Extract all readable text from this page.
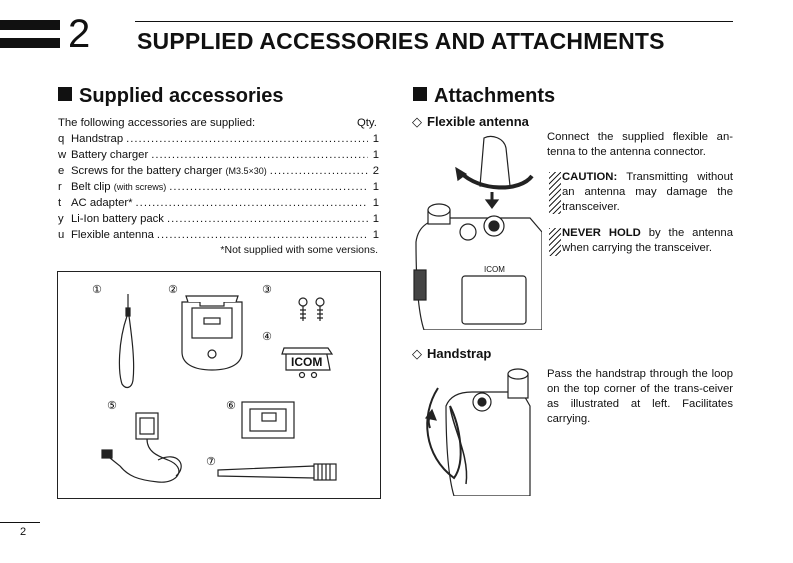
2 SUPPLIED ACCESSORIES AND ATTACHMENTS
Supplied accessories
The following accessories are supplied:	Qty.
q Handstrap .....	1
w Battery charger .....	1
e Screws for the battery charger (M3.5×30) .....	2
r Belt clip (with screws) .....	1
t AC adapter* .....	1
y Li-Ion battery pack .....	1
u Flexible antenna .....	1
*Not supplied with some versions.
①	②	③
④
⑤	⑥
⑦
ICOM
Attachments
◇ Flexible antenna
ICOM
Connect the supplied flexible an-tenna to the antenna connector.
CAUTION: Transmitting without an antenna may damage the transceiver.
NEVER HOLD by the antenna when carrying the transceiver.
◇ Handstrap
Pass the handstrap through the loop on the top corner of the trans-ceiver as illustrated at left. Facilitates carrying.
2
